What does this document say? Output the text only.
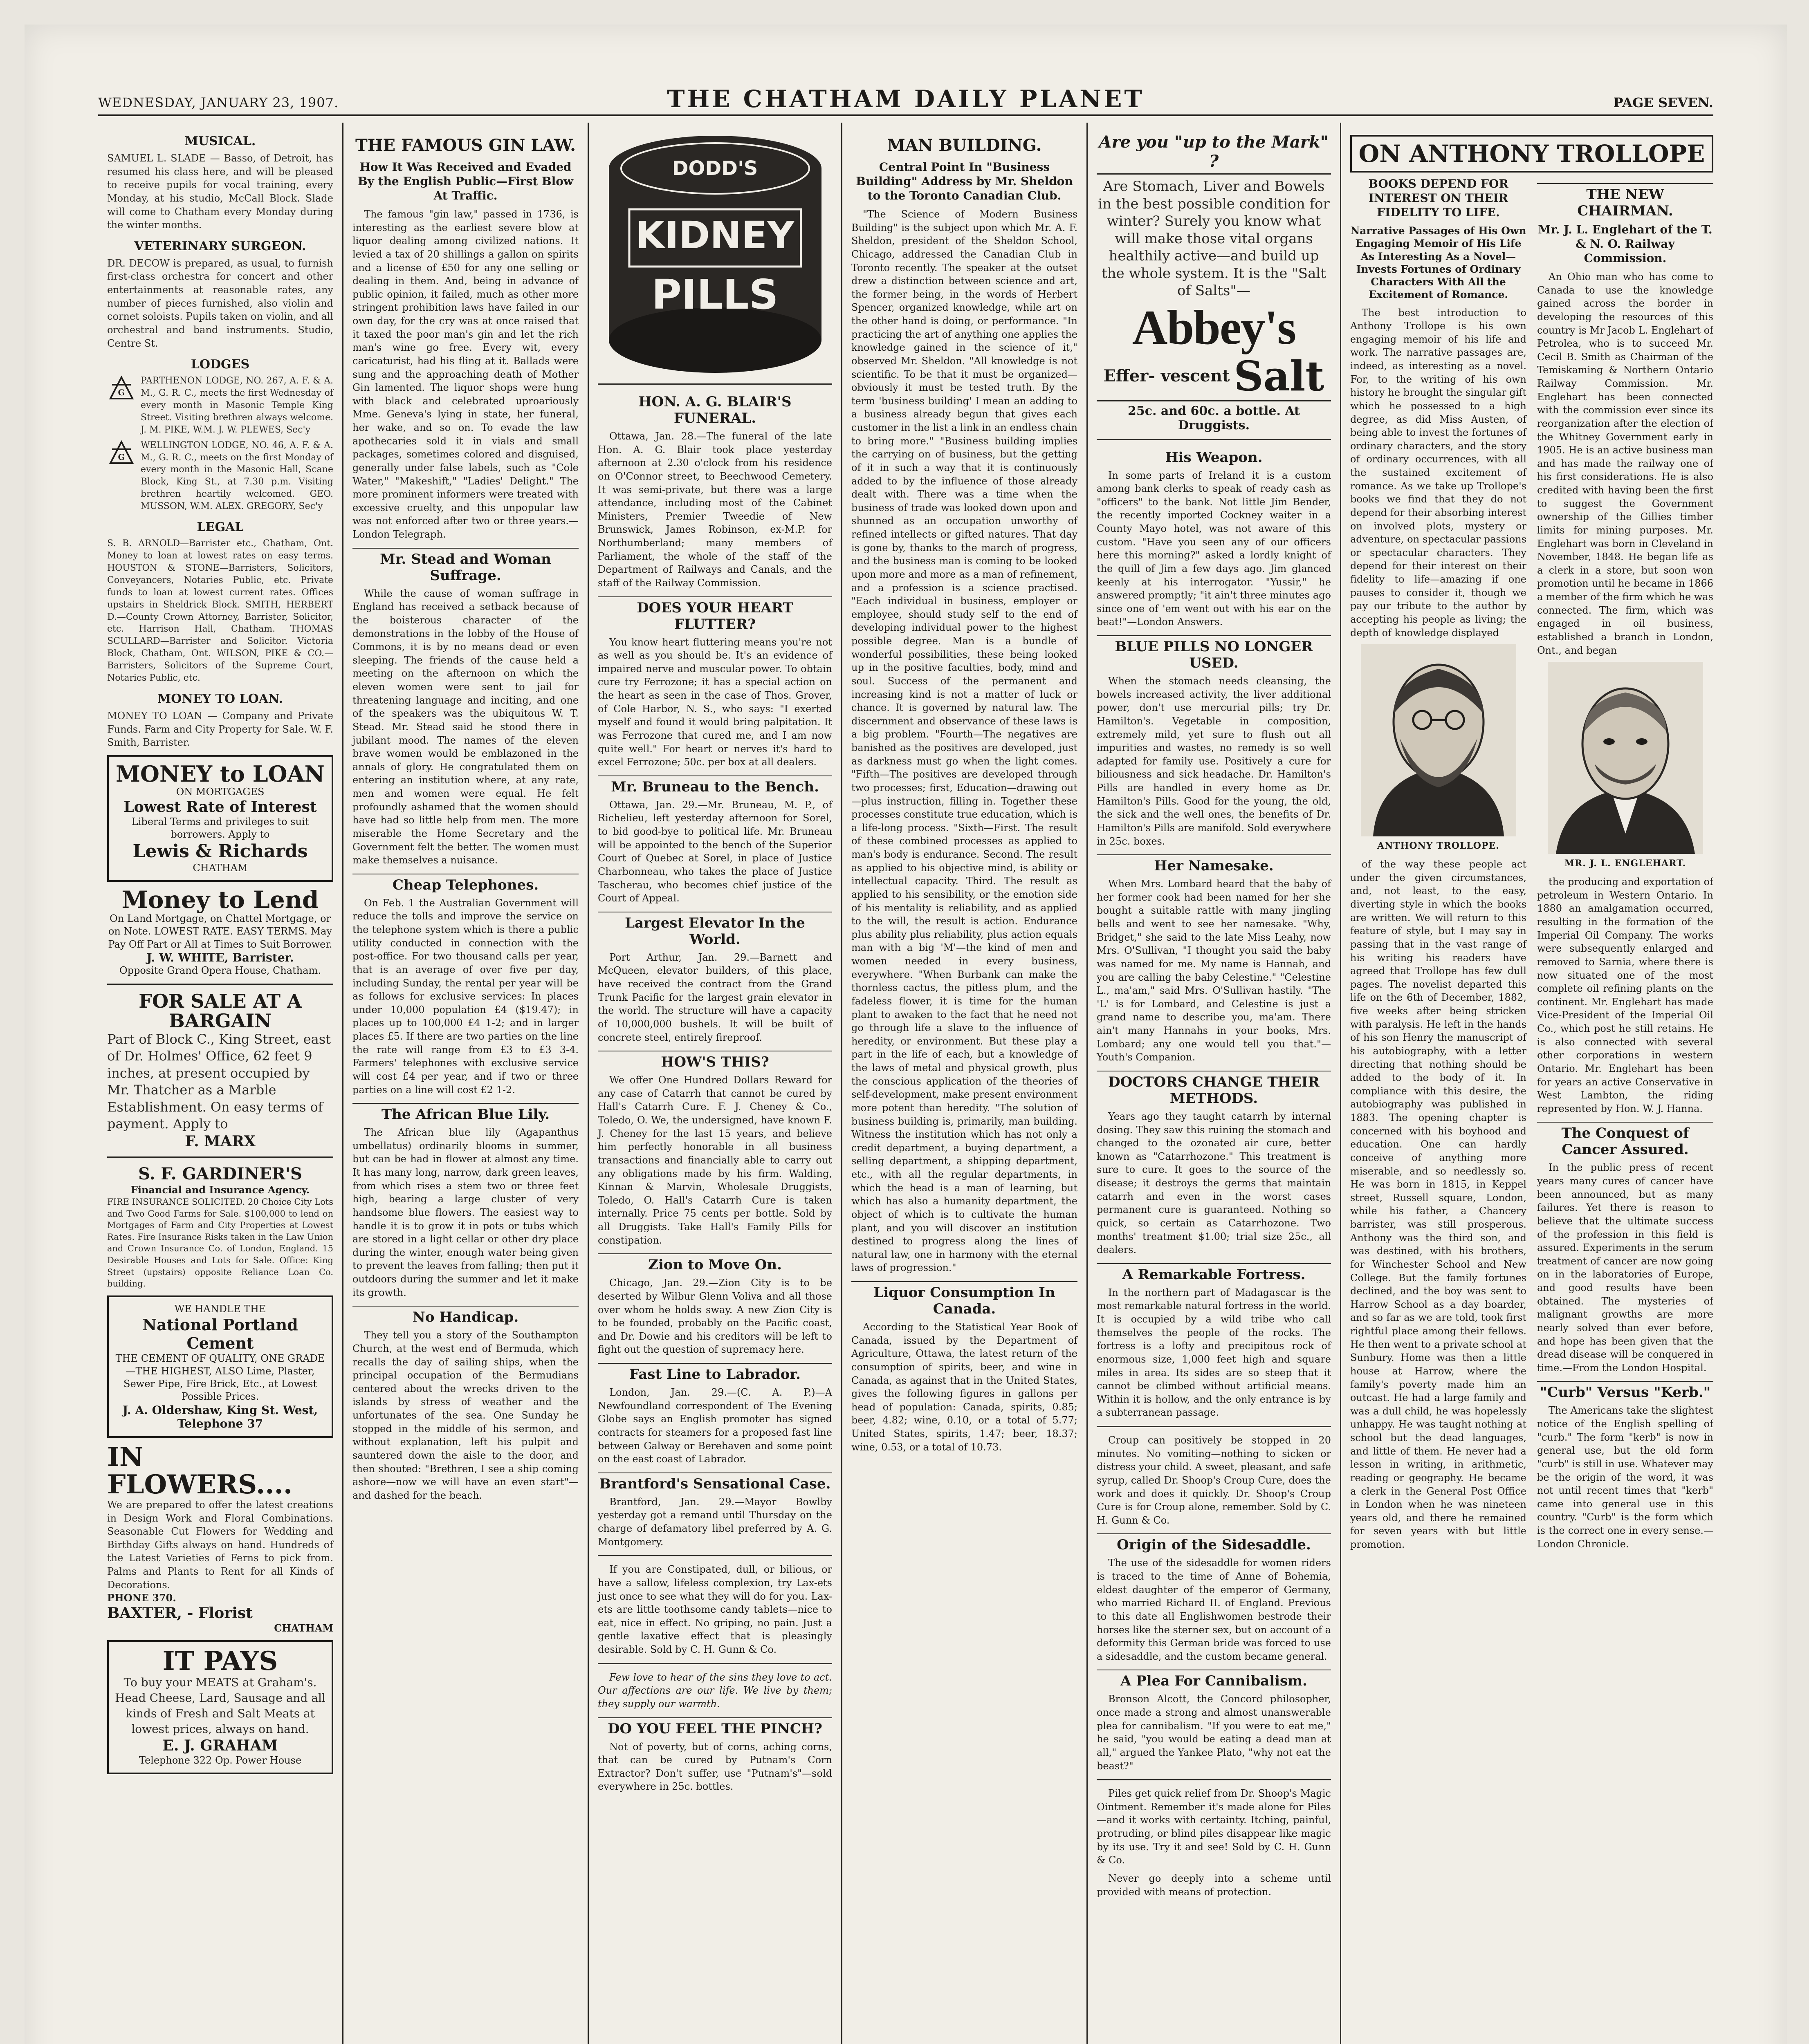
WEDNESDAY, JANUARY 23, 1907.	THE CHATHAM DAILY PLANET	PAGE SEVEN.
MUSICAL.

SAMUEL L. SLADE — Basso, of Detroit, has resumed his class here, and will be pleased to receive pupils for vocal training, every Monday, at his studio, McCall Block. Slade will come to Chatham every Monday during the winter months.

VETERINARY SURGEON.

DR. DECOW is prepared, as usual, to furnish first-class orchestra for concert and other entertainments at reasonable rates, any number of pieces furnished, also violin and cornet soloists. Pupils taken on violin, and all orchestral and band instruments. Studio, Centre St.

LODGES
G

PARTHENON LODGE, NO. 267, A. F. & A. M., G. R. C., meets the first Wednesday of every month in Masonic Temple King Street. Visiting brethren always welcome. J. M. PIKE, W.M. J. W. PLEWES, Sec'y

G

WELLINGTON LODGE, NO. 46, A. F. & A. M., G. R. C., meets on the first Monday of every month in the Masonic Hall, Scane Block, King St., at 7.30 p.m. Visiting brethren heartily welcomed. GEO. MUSSON, W.M. ALEX. GREGORY, Sec'y

LEGAL

S. B. ARNOLD—Barrister etc., Chatham, Ont. Money to loan at lowest rates on easy terms. HOUSTON & STONE—Barristers, Solicitors, Conveyancers, Notaries Public, etc. Private funds to loan at lowest current rates. Offices upstairs in Sheldrick Block. SMITH, HERBERT D.—County Crown Attorney, Barrister, Solicitor, etc. Harrison Hall, Chatham. THOMAS SCULLARD—Barrister and Solicitor. Victoria Block, Chatham, Ont. WILSON, PIKE & CO.—Barristers, Solicitors of the Supreme Court, Notaries Public, etc.

MONEY TO LOAN.

MONEY TO LOAN — Company and Private Funds. Farm and City Property for Sale. W. F. Smith, Barrister.

MONEY to LOAN
ON MORTGAGES
Lowest Rate of Interest
Liberal Terms and privileges to suit borrowers. Apply to
Lewis & Richards
CHATHAM
Money to Lend
On Land Mortgage, on Chattel Mortgage, or on Note. LOWEST RATE. EASY TERMS. May Pay Off Part or All at Times to Suit Borrower.
J. W. WHITE, Barrister.
Opposite Grand Opera House, Chatham.
FOR SALE AT A BARGAIN

Part of Block C., King Street, east of Dr. Holmes' Office, 62 feet 9 inches, at present occupied by Mr. Thatcher as a Marble Establishment. On easy terms of payment. Apply to

F. MARX
S. F. GARDINER'S
Financial and Insurance Agency.

FIRE INSURANCE SOLICITED. 20 Choice City Lots and Two Good Farms for Sale. $100,000 to lend on Mortgages of Farm and City Properties at Lowest Rates. Fire Insurance Risks taken in the Law Union and Crown Insurance Co. of London, England. 15 Desirable Houses and Lots for Sale. Office: King Street (upstairs) opposite Reliance Loan Co. building.

WE HANDLE THE
National Portland Cement
THE CEMENT OF QUALITY, ONE GRADE—THE HIGHEST, ALSO Lime, Plaster, Sewer Pipe, Fire Brick, Etc., at Lowest Possible Prices.
J. A. Oldershaw, King St. West, Telephone 37
IN FLOWERS....

We are prepared to offer the latest creations in Design Work and Floral Combinations. Seasonable Cut Flowers for Wedding and Birthday Gifts always on hand. Hundreds of the Latest Varieties of Ferns to pick from. Palms and Plants to Rent for all Kinds of Decorations.

PHONE 370.
BAXTER, - Florist
CHATHAM
IT PAYS

To buy your MEATS at Graham's. Head Cheese, Lard, Sausage and all kinds of Fresh and Salt Meats at lowest prices, always on hand.

E. J. GRAHAM
Telephone 322 Op. Power House
THE FAMOUS GIN LAW.
How It Was Received and Evaded By the English Public—First Blow At Traffic.

The famous "gin law," passed in 1736, is interesting as the earliest severe blow at liquor dealing among civilized nations. It levied a tax of 20 shillings a gallon on spirits and a license of £50 for any one selling or dealing in them. And, being in advance of public opinion, it failed, much as other more stringent prohibition laws have failed in our own day, for the cry was at once raised that it taxed the poor man's gin and let the rich man's wine go free. Every wit, every caricaturist, had his fling at it. Ballads were sung and the approaching death of Mother Gin lamented. The liquor shops were hung with black and celebrated uproariously Mme. Geneva's lying in state, her funeral, her wake, and so on. To evade the law apothecaries sold it in vials and small packages, sometimes colored and disguised, generally under false labels, such as "Cole Water," "Makeshift," "Ladies' Delight." The more prominent informers were treated with excessive cruelty, and this unpopular law was not enforced after two or three years.—London Telegraph.

Mr. Stead and Woman Suffrage.

While the cause of woman suffrage in England has received a setback because of the boisterous character of the demonstrations in the lobby of the House of Commons, it is by no means dead or even sleeping. The friends of the cause held a meeting on the afternoon on which the eleven women were sent to jail for threatening language and inciting, and one of the speakers was the ubiquitous W. T. Stead. Mr. Stead said he stood there in jubilant mood. The names of the eleven brave women would be emblazoned in the annals of glory. He congratulated them on entering an institution where, at any rate, men and women were equal. He felt profoundly ashamed that the women should have had so little help from men. The more miserable the Home Secretary and the Government felt the better. The women must make themselves a nuisance.

Cheap Telephones.

On Feb. 1 the Australian Government will reduce the tolls and improve the service on the telephone system which is there a public utility conducted in connection with the post-office. For two thousand calls per year, that is an average of over five per day, including Sunday, the rental per year will be as follows for exclusive services: In places under 10,000 population £4 ($19.47); in places up to 100,000 £4 1-2; and in larger places £5. If there are two parties on the line the rate will range from £3 to £3 3-4. Farmers' telephones with exclusive service will cost £4 per year, and if two or three parties on a line will cost £2 1-2.

The African Blue Lily.

The African blue lily (Agapanthus umbellatus) ordinarily blooms in summer, but can be had in flower at almost any time. It has many long, narrow, dark green leaves, from which rises a stem two or three feet high, bearing a large cluster of very handsome blue flowers. The easiest way to handle it is to grow it in pots or tubs which are stored in a light cellar or other dry place during the winter, enough water being given to prevent the leaves from falling; then put it outdoors during the summer and let it make its growth.

No Handicap.

They tell you a story of the Southampton Church, at the west end of Bermuda, which recalls the day of sailing ships, when the principal occupation of the Bermudians centered about the wrecks driven to the islands by stress of weather and the unfortunates of the sea. One Sunday he stopped in the middle of his sermon, and without explanation, left his pulpit and sauntered down the aisle to the door, and then shouted: "Brethren, I see a ship coming ashore—now we will have an even start"—and dashed for the beach.

DODD'S
KIDNEY
PILLS
HON. A. G. BLAIR'S FUNERAL.

Ottawa, Jan. 28.—The funeral of the late Hon. A. G. Blair took place yesterday afternoon at 2.30 o'clock from his residence on O'Connor street, to Beechwood Cemetery. It was semi-private, but there was a large attendance, including most of the Cabinet Ministers, Premier Tweedie of New Brunswick, James Robinson, ex-M.P. for Northumberland; many members of Parliament, the whole of the staff of the Department of Railways and Canals, and the staff of the Railway Commission.

DOES YOUR HEART FLUTTER?

You know heart fluttering means you're not as well as you should be. It's an evidence of impaired nerve and muscular power. To obtain cure try Ferrozone; it has a special action on the heart as seen in the case of Thos. Grover, of Cole Harbor, N. S., who says: "I exerted myself and found it would bring palpitation. It was Ferrozone that cured me, and I am now quite well." For heart or nerves it's hard to excel Ferrozone; 50c. per box at all dealers.

Mr. Bruneau to the Bench.

Ottawa, Jan. 29.—Mr. Bruneau, M. P., of Richelieu, left yesterday afternoon for Sorel, to bid good-bye to political life. Mr. Bruneau will be appointed to the bench of the Superior Court of Quebec at Sorel, in place of Justice Charbonneau, who takes the place of Justice Tascherau, who becomes chief justice of the Court of Appeal.

Largest Elevator In the World.

Port Arthur, Jan. 29.—Barnett and McQueen, elevator builders, of this place, have received the contract from the Grand Trunk Pacific for the largest grain elevator in the world. The structure will have a capacity of 10,000,000 bushels. It will be built of concrete steel, entirely fireproof.

HOW'S THIS?

We offer One Hundred Dollars Reward for any case of Catarrh that cannot be cured by Hall's Catarrh Cure. F. J. Cheney & Co., Toledo, O. We, the undersigned, have known F. J. Cheney for the last 15 years, and believe him perfectly honorable in all business transactions and financially able to carry out any obligations made by his firm. Walding, Kinnan & Marvin, Wholesale Druggists, Toledo, O. Hall's Catarrh Cure is taken internally. Price 75 cents per bottle. Sold by all Druggists. Take Hall's Family Pills for constipation.

Zion to Move On.

Chicago, Jan. 29.—Zion City is to be deserted by Wilbur Glenn Voliva and all those over whom he holds sway. A new Zion City is to be founded, probably on the Pacific coast, and Dr. Dowie and his creditors will be left to fight out the question of supremacy here.

Fast Line to Labrador.

London, Jan. 29.—(C. A. P.)—A Newfoundland correspondent of The Evening Globe says an English promoter has signed contracts for steamers for a proposed fast line between Galway or Berehaven and some point on the east coast of Labrador.

Brantford's Sensational Case.

Brantford, Jan. 29.—Mayor Bowlby yesterday got a remand until Thursday on the charge of defamatory libel preferred by A. G. Montgomery.

If you are Constipated, dull, or bilious, or have a sallow, lifeless complexion, try Lax-ets just once to see what they will do for you. Lax-ets are little toothsome candy tablets—nice to eat, nice in effect. No griping, no pain. Just a gentle laxative effect that is pleasingly desirable. Sold by C. H. Gunn & Co.

Few love to hear of the sins they love to act. Our affections are our life. We live by them; they supply our warmth.

DO YOU FEEL THE PINCH?

Not of poverty, but of corns, aching corns, that can be cured by Putnam's Corn Extractor? Don't suffer, use "Putnam's"—sold everywhere in 25c. bottles.

MAN BUILDING.
Central Point In "Business Building" Address by Mr. Sheldon to the Toronto Canadian Club.

"The Science of Modern Business Building" is the subject upon which Mr. A. F. Sheldon, president of the Sheldon School, Chicago, addressed the Canadian Club in Toronto recently. The speaker at the outset drew a distinction between science and art, the former being, in the words of Herbert Spencer, organized knowledge, while art on the other hand is doing, or performance. "In practicing the art of anything one applies the knowledge gained in the science of it," observed Mr. Sheldon. "All knowledge is not scientific. To be that it must be organized—obviously it must be tested truth. By the term 'business building' I mean an adding to a business already begun that gives each customer in the list a link in an endless chain to bring more." "Business building implies the carrying on of business, but the getting of it in such a way that it is continuously added to by the influence of those already dealt with. There was a time when the business of trade was looked down upon and shunned as an occupation unworthy of refined intellects or gifted natures. That day is gone by, thanks to the march of progress, and the business man is coming to be looked upon more and more as a man of refinement, and a profession is a science practised. "Each individual in business, employer or employee, should study self to the end of developing individual power to the highest possible degree. Man is a bundle of wonderful possibilities, these being looked up in the positive faculties, body, mind and soul. Success of the permanent and increasing kind is not a matter of luck or chance. It is governed by natural law. The discernment and observance of these laws is a big problem. "Fourth—The negatives are banished as the positives are developed, just as darkness must go when the light comes. "Fifth—The positives are developed through two processes; first, Education—drawing out—plus instruction, filling in. Together these processes constitute true education, which is a life-long process. "Sixth—First. The result of these combined processes as applied to man's body is endurance. Second. The result as applied to his objective mind, is ability or intellectual capacity. Third. The result as applied to his sensibility, or the emotion side of his mentality is reliability, and as applied to the will, the result is action. Endurance plus ability plus reliability, plus action equals man with a big 'M'—the kind of men and women needed in every business, everywhere. "When Burbank can make the thornless cactus, the pitless plum, and the fadeless flower, it is time for the human plant to awaken to the fact that he need not go through life a slave to the influence of heredity, or environment. But these play a part in the life of each, but a knowledge of the laws of metal and physical growth, plus the conscious application of the theories of self-development, make present environment more potent than heredity. "The solution of business building is, primarily, man building. Witness the institution which has not only a credit department, a buying department, a selling department, a shipping department, etc., with all the regular departments, in which the head is a man of learning, but which has also a humanity department, the object of which is to cultivate the human plant, and you will discover an institution destined to progress along the lines of natural law, one in harmony with the eternal laws of progression."

Liquor Consumption In Canada.

According to the Statistical Year Book of Canada, issued by the Department of Agriculture, Ottawa, the latest return of the consumption of spirits, beer, and wine in Canada, as against that in the United States, gives the following figures in gallons per head of population: Canada, spirits, 0.85; beer, 4.82; wine, 0.10, or a total of 5.77; United States, spirits, 1.47; beer, 18.37; wine, 0.53, or a total of 10.73.

Are you "up to the Mark" ?

Are Stomach, Liver and Bowels in the best possible condition for winter? Surely you know what will make those vital organs healthily active—and build up the whole system. It is the "Salt of Salts"—

Abbey's
Effer- vescent Salt
25c. and 60c. a bottle. At Druggists.
His Weapon.

In some parts of Ireland it is a custom among bank clerks to speak of ready cash as "officers" to the bank. Not little Jim Bender, the recently imported Cockney waiter in a County Mayo hotel, was not aware of this custom. "Have you seen any of our officers here this morning?" asked a lordly knight of the quill of Jim a few days ago. Jim glanced keenly at his interrogator. "Yussir," he answered promptly; "it ain't three minutes ago since one of 'em went out with his ear on the beat!"—London Answers.

BLUE PILLS NO LONGER USED.

When the stomach needs cleansing, the bowels increased activity, the liver additional power, don't use mercurial pills; try Dr. Hamilton's. Vegetable in composition, extremely mild, yet sure to flush out all impurities and wastes, no remedy is so well adapted for family use. Positively a cure for biliousness and sick headache. Dr. Hamilton's Pills are handled in every home as Dr. Hamilton's Pills. Good for the young, the old, the sick and the well ones, the benefits of Dr. Hamilton's Pills are manifold. Sold everywhere in 25c. boxes.

Her Namesake.

When Mrs. Lombard heard that the baby of her former cook had been named for her she bought a suitable rattle with many jingling bells and went to see her namesake. "Why, Bridget," she said to the late Miss Leahy, now Mrs. O'Sullivan, "I thought you said the baby was named for me. My name is Hannah, and you are calling the baby Celestine." "Celestine L., ma'am," said Mrs. O'Sullivan hastily. "The 'L' is for Lombard, and Celestine is just a grand name to describe you, ma'am. There ain't many Hannahs in your books, Mrs. Lombard; any one would tell you that."—Youth's Companion.

DOCTORS CHANGE THEIR METHODS.

Years ago they taught catarrh by internal dosing. They saw this ruining the stomach and changed to the ozonated air cure, better known as "Catarrhozone." This treatment is sure to cure. It goes to the source of the disease; it destroys the germs that maintain catarrh and even in the worst cases permanent cure is guaranteed. Nothing so quick, so certain as Catarrhozone. Two months' treatment $1.00; trial size 25c., all dealers.

A Remarkable Fortress.

In the northern part of Madagascar is the most remarkable natural fortress in the world. It is occupied by a wild tribe who call themselves the people of the rocks. The fortress is a lofty and precipitous rock of enormous size, 1,000 feet high and square miles in area. Its sides are so steep that it cannot be climbed without artificial means. Within it is hollow, and the only entrance is by a subterranean passage.

Croup can positively be stopped in 20 minutes. No vomiting—nothing to sicken or distress your child. A sweet, pleasant, and safe syrup, called Dr. Shoop's Croup Cure, does the work and does it quickly. Dr. Shoop's Croup Cure is for Croup alone, remember. Sold by C. H. Gunn & Co.

Origin of the Sidesaddle.

The use of the sidesaddle for women riders is traced to the time of Anne of Bohemia, eldest daughter of the emperor of Germany, who married Richard II. of England. Previous to this date all Englishwomen bestrode their horses like the sterner sex, but on account of a deformity this German bride was forced to use a sidesaddle, and the custom became general.

A Plea For Cannibalism.

Bronson Alcott, the Concord philosopher, once made a strong and almost unanswerable plea for cannibalism. "If you were to eat me," he said, "you would be eating a dead man at all," argued the Yankee Plato, "why not eat the beast?"

Piles get quick relief from Dr. Shoop's Magic Ointment. Remember it's made alone for Piles—and it works with certainty. Itching, painful, protruding, or blind piles disappear like magic by its use. Try it and see! Sold by C. H. Gunn & Co.

Never go deeply into a scheme until provided with means of protection.

ON ANTHONY TROLLOPE
BOOKS DEPEND FOR INTEREST ON THEIR FIDELITY TO LIFE.
Narrative Passages of His Own Engaging Memoir of His Life As Interesting As a Novel—Invests Fortunes of Ordinary Characters With All the Excitement of Romance.

The best introduction to Anthony Trollope is his own engaging memoir of his life and work. The narrative passages are, indeed, as interesting as a novel. For, to the writing of his own history he brought the singular gift which he possessed to a high degree, as did Miss Austen, of being able to invest the fortunes of ordinary characters, and the story of ordinary occurrences, with all the sustained excitement of romance. As we take up Trollope's books we find that they do not depend for their absorbing interest on involved plots, mystery or adventure, on spectacular passions or spectacular characters. They depend for their interest on their fidelity to life—amazing if one pauses to consider it, though we pay our tribute to the author by accepting his people as living; the depth of knowledge displayed

ANTHONY TROLLOPE.

of the way these people act under the given circumstances, and, not least, to the easy, diverting style in which the books are written. We will return to this feature of style, but I may say in passing that in the vast range of his writing his readers have agreed that Trollope has few dull pages. The novelist departed this life on the 6th of December, 1882, five weeks after being stricken with paralysis. He left in the hands of his son Henry the manuscript of his autobiography, with a letter directing that nothing should be added to the body of it. In compliance with this desire, the autobiography was published in 1883. The opening chapter is concerned with his boyhood and education. One can hardly conceive of anything more miserable, and so needlessly so. He was born in 1815, in Keppel street, Russell square, London, while his father, a Chancery barrister, was still prosperous. Anthony was the third son, and was destined, with his brothers, for Winchester School and New College. But the family fortunes declined, and the boy was sent to Harrow School as a day boarder, and so far as we are told, took first rightful place among their fellows. He then went to a private school at Sunbury. Home was then a little house at Harrow, where the family's poverty made him an outcast. He had a large family and was a dull child, he was hopelessly unhappy. He was taught nothing at school but the dead languages, and little of them. He never had a lesson in writing, in arithmetic, reading or geography. He became a clerk in the General Post Office in London when he was nineteen years old, and there he remained for seven years with but little promotion.

THE NEW CHAIRMAN.
Mr. J. L. Englehart of the T. & N. O. Railway Commission.

An Ohio man who has come to Canada to use the knowledge gained across the border in developing the resources of this country is Mr Jacob L. Englehart of Petrolea, who is to succeed Mr. Cecil B. Smith as Chairman of the Temiskaming & Northern Ontario Railway Commission. Mr. Englehart has been connected with the commission ever since its reorganization after the election of the Whitney Government early in 1905. He is an active business man and has made the railway one of his first considerations. He is also credited with having been the first to suggest the Government ownership of the Gillies timber limits for mining purposes. Mr. Englehart was born in Cleveland in November, 1848. He began life as a clerk in a store, but soon won promotion until he became in 1866 a member of the firm which he was connected. The firm, which was engaged in oil business, established a branch in London, Ont., and began

MR. J. L. ENGLEHART.

the producing and exportation of petroleum in Western Ontario. In 1880 an amalgamation occurred, resulting in the formation of the Imperial Oil Company. The works were subsequently enlarged and removed to Sarnia, where there is now situated one of the most complete oil refining plants on the continent. Mr. Englehart has made Vice-President of the Imperial Oil Co., which post he still retains. He is also connected with several other corporations in western Ontario. Mr. Englehart has been for years an active Conservative in West Lambton, the riding represented by Hon. W. J. Hanna.

The Conquest of Cancer Assured.

In the public press of recent years many cures of cancer have been announced, but as many failures. Yet there is reason to believe that the ultimate success of the profession in this field is assured. Experiments in the serum treatment of cancer are now going on in the laboratories of Europe, and good results have been obtained. The mysteries of malignant growths are more nearly solved than ever before, and hope has been given that the dread disease will be conquered in time.—From the London Hospital.

"Curb" Versus "Kerb."

The Americans take the slightest notice of the English spelling of "curb." The form "kerb" is now in general use, but the old form "curb" is still in use. Whatever may be the origin of the word, it was not until recent times that "kerb" came into general use in this country. "Curb" is the form which is the correct one in every sense.—London Chronicle.
